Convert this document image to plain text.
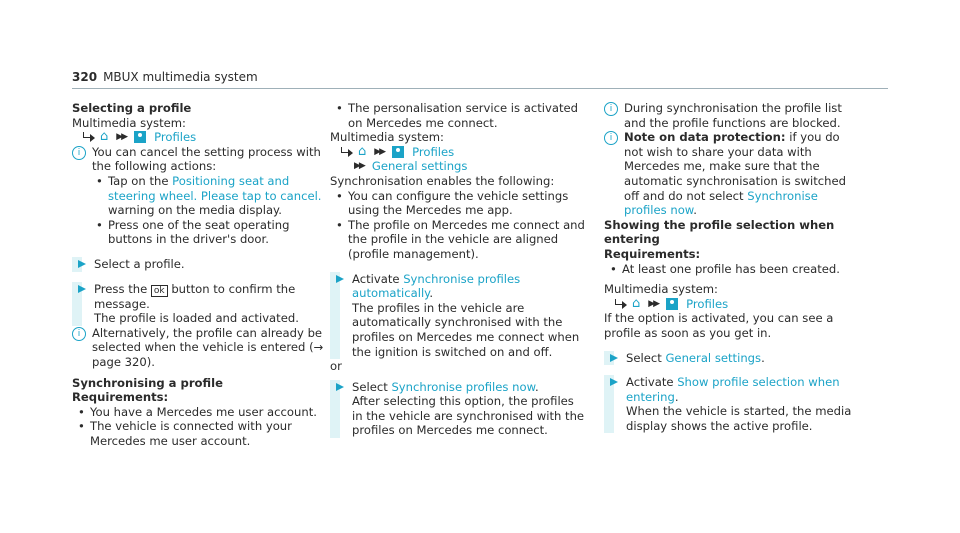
320 MBUX multimedia system

Selecting a profile

Multimedia system:

⌂ ▶▶ Profiles
i	You can cancel the setting process with the following actions:

• Tap on the Positioning seat and steering wheel. Please tap to cancel. warning on the media display.
• Press one of the seat operating buttons in the driver's door.

Select a profile.

Press the ok button to confirm the message.

The profile is loaded and activated.

i	Alternatively, the profile can already be selected when the vehicle is entered (→ page 320).

Synchronising a profile

Requirements:

• You have a Mercedes me user account.
• The vehicle is connected with your Mercedes me user account.
• The personalisation service is activated on Mercedes me connect.

Multimedia system:

⌂ ▶▶ Profiles
▶▶ General settings

Synchronisation enables the following:

• You can configure the vehicle settings using the Mercedes me app.
• The profile on Mercedes me connect and the profile in the vehicle are aligned (profile management).

Activate Synchronise profiles automatically.

The profiles in the vehicle are automatically synchronised with the profiles on Mercedes me connect when the ignition is switched on and off.

or

Select Synchronise profiles now.

After selecting this option, the profiles in the vehicle are synchronised with the profiles on Mercedes me connect.

i	During synchronisation the profile list and the profile functions are blocked.

i	Note on data protection: if you do not wish to share your data with Mercedes me, make sure that the automatic synchronisation is switched off and do not select Synchronise profiles now.

Showing the profile selection when entering

Requirements:

• At least one profile has been created.

Multimedia system:

⌂ ▶▶ Profiles

If the option is activated, you can see a profile as soon as you get in.

Select General settings.

Activate Show profile selection when entering.

When the vehicle is started, the media display shows the active profile.
